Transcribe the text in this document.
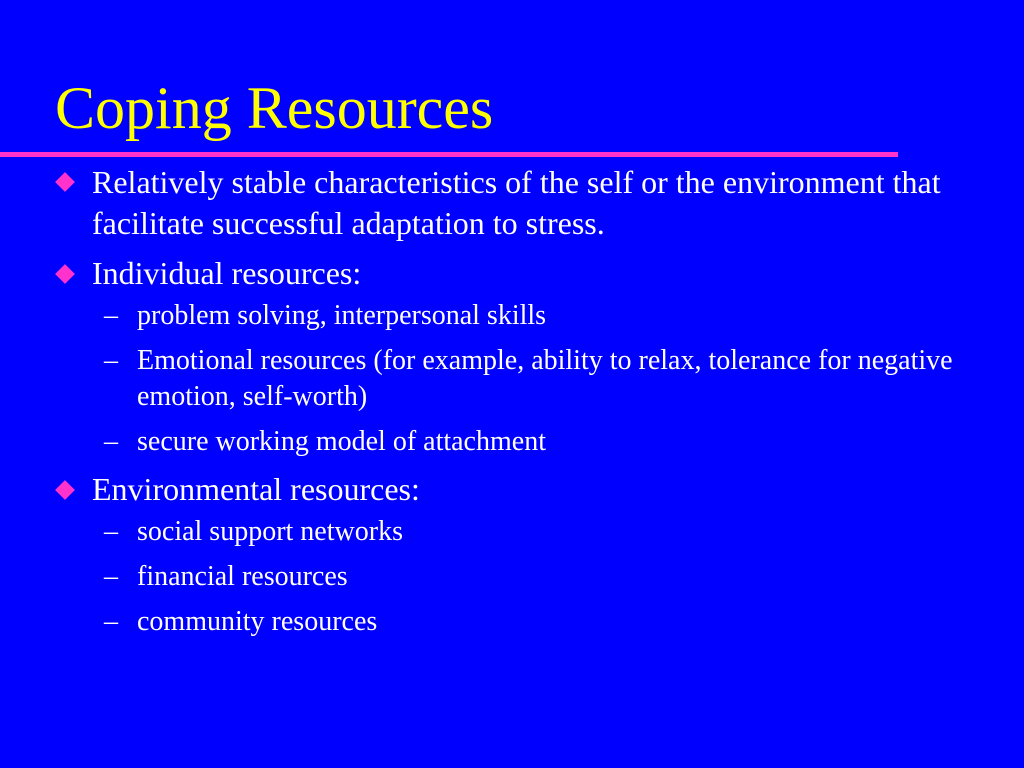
Coping Resources
Relatively stable characteristics of the self or the environment that facilitate successful adaptation to stress.
Individual resources:
– problem solving, interpersonal skills
– Emotional resources (for example, ability to relax, tolerance for negative emotion, self-worth)
– secure working model of attachment
Environmental resources:
– social support networks
– financial resources
– community resources
